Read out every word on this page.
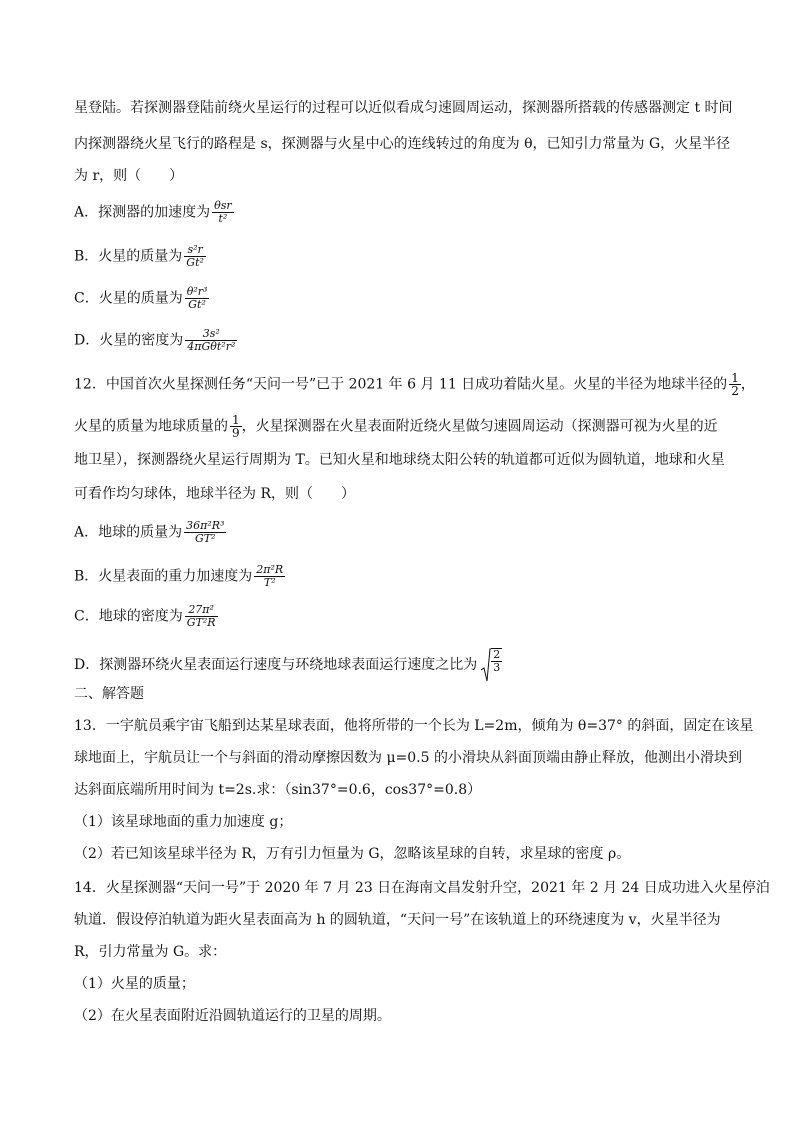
星登陆。若探测器登陆前绕火星运行的过程可以近似看成匀速圆周运动，探测器所搭载的传感器测定 t 时间
内探测器绕火星飞行的路程是 s，探测器与火星中心的连线转过的角度为 θ，已知引力常量为 G，火星半径
为 r，则（　　）
A．探测器的加速度为 $\frac{\text{θsr}}{\text{t²}}$
B．火星的质量为 $\frac{\text{s²r}}{\text{Gt²}}$
C．火星的质量为 $\frac{\text{θ²r³}}{\text{Gt²}}$
D．火星的密度为 $\frac{\text{3s²}}{\text{4πGθt²r²}}$
12．中国首次火星探测任务“天问一号”已于 2021 年 6 月 11 日成功着陆火星。火星的半径为地球半径的 $\frac{1}{2}$ ，
火星的质量为地球质量的 $\frac{1}{9}$ ，火星探测器在火星表面附近绕火星做匀速圆周运动（探测器可视为火星的近
地卫星），探测器绕火星运行周期为 T。已知火星和地球绕太阳公转的轨道都可近似为圆轨道，地球和火星
可看作均匀球体，地球半径为 R，则（　　）
A．地球的质量为 $\frac{\text{36π²R³}}{\text{GT²}}$
B．火星表面的重力加速度为 $\frac{\text{2π²R}}{\text{T²}}$
C．地球的密度为 $\frac{\text{27π²}}{\text{GT²R}}$
D．探测器环绕火星表面运行速度与环绕地球表面运行速度之比为 $\frac{2}{3}$
二、解答题
13．一宇航员乘宇宙飞船到达某星球表面，他将所带的一个长为 L=2m，倾角为 θ=37° 的斜面，固定在该星
球地面上，宇航员让一个与斜面的滑动摩擦因数为 μ=0.5 的小滑块从斜面顶端由静止释放，他测出小滑块到
达斜面底端所用时间为 t=2s.求：（sin37°=0.6，cos37°=0.8）
（1）该星球地面的重力加速度 g；
（2）若已知该星球半径为 R，万有引力恒量为 G，忽略该星球的自转，求星球的密度 ρ。
14．火星探测器“天问一号”于 2020 年 7 月 23 日在海南文昌发射升空，2021 年 2 月 24 日成功进入火星停泊
轨道．假设停泊轨道为距火星表面高为 h 的圆轨道，“天问一号”在该轨道上的环绕速度为 v，火星半径为
R，引力常量为 G。求：
（1）火星的质量；
（2）在火星表面附近沿圆轨道运行的卫星的周期。
